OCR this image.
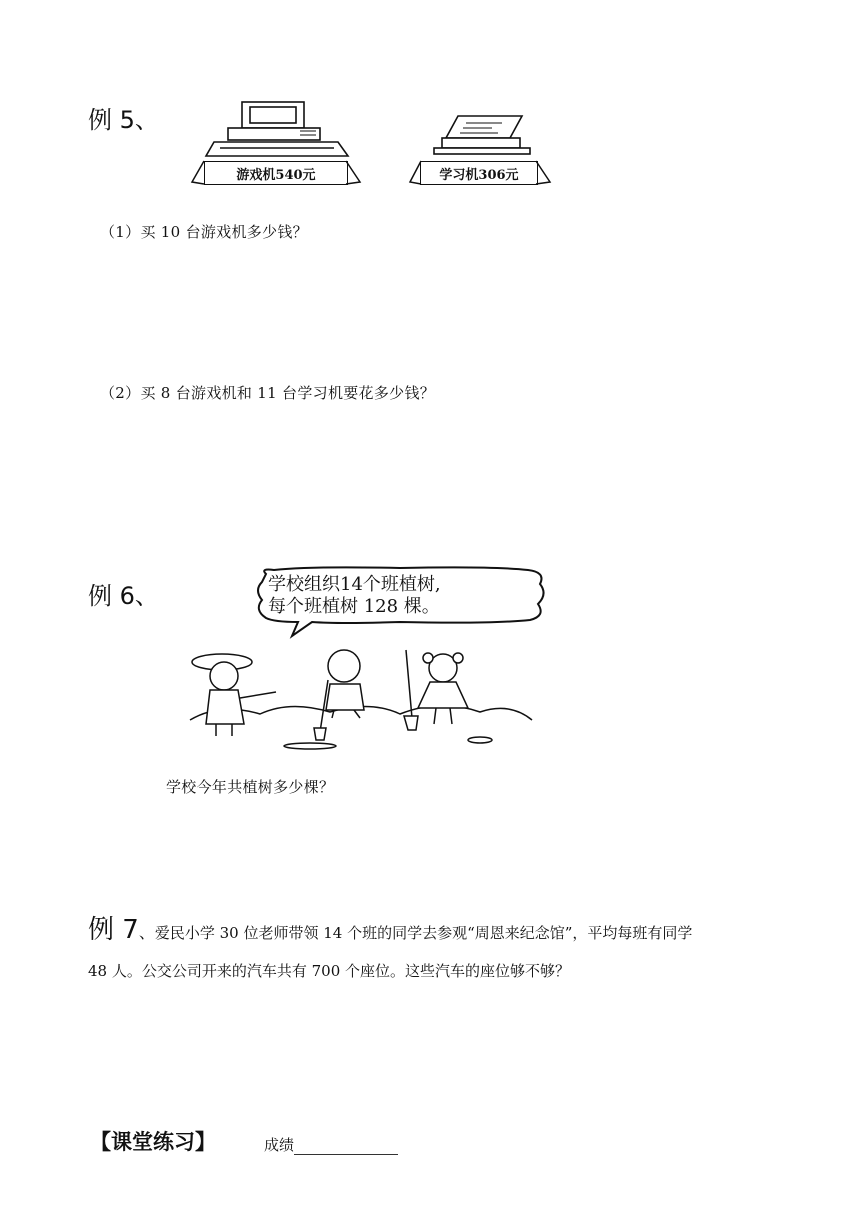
例 5、
游戏机540元	学习机306元
（1）买 10 台游戏机多少钱？
（2）买 8 台游戏机和 11 台学习机要花多少钱？
例 6、	学校组织14个班植树,
每个班植树 128 棵。
学校今年共植树多少棵？
例 7、爱民小学 30 位老师带领 14 个班的同学去参观“周恩来纪念馆”，平均每班有同学
48 人。公交公司开来的汽车共有 700 个座位。这些汽车的座位够不够？
【课堂练习】	成绩
